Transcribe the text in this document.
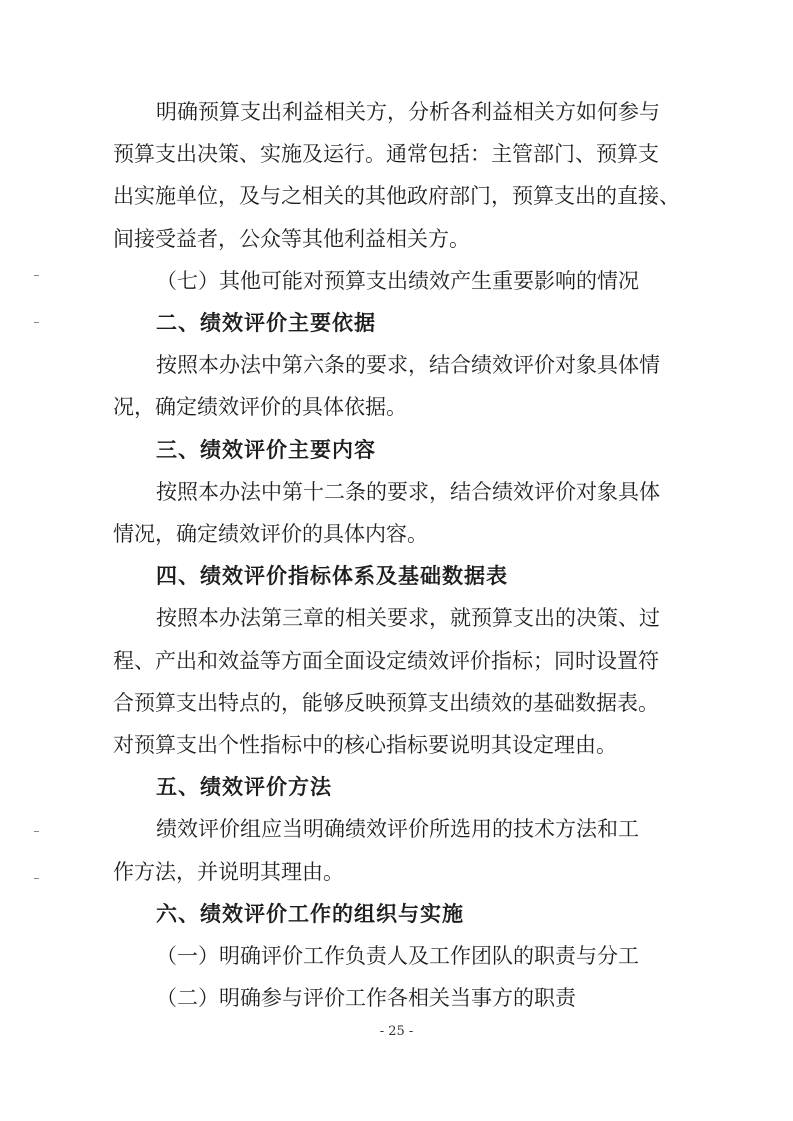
明确预算支出利益相关方，分析各利益相关方如何参与
预算支出决策、实施及运行。通常包括：主管部门、预算支
出实施单位，及与之相关的其他政府部门，预算支出的直接、
间接受益者，公众等其他利益相关方。
（七）其他可能对预算支出绩效产生重要影响的情况
二、绩效评价主要依据
按照本办法中第六条的要求，结合绩效评价对象具体情
况，确定绩效评价的具体依据。
三、绩效评价主要内容
按照本办法中第十二条的要求，结合绩效评价对象具体
情况，确定绩效评价的具体内容。
四、绩效评价指标体系及基础数据表
按照本办法第三章的相关要求，就预算支出的决策、过
程、产出和效益等方面全面设定绩效评价指标；同时设置符
合预算支出特点的，能够反映预算支出绩效的基础数据表。
对预算支出个性指标中的核心指标要说明其设定理由。
五、绩效评价方法
绩效评价组应当明确绩效评价所选用的技术方法和工
作方法，并说明其理由。
六、绩效评价工作的组织与实施
（一）明确评价工作负责人及工作团队的职责与分工
（二）明确参与评价工作各相关当事方的职责
- 25 -
